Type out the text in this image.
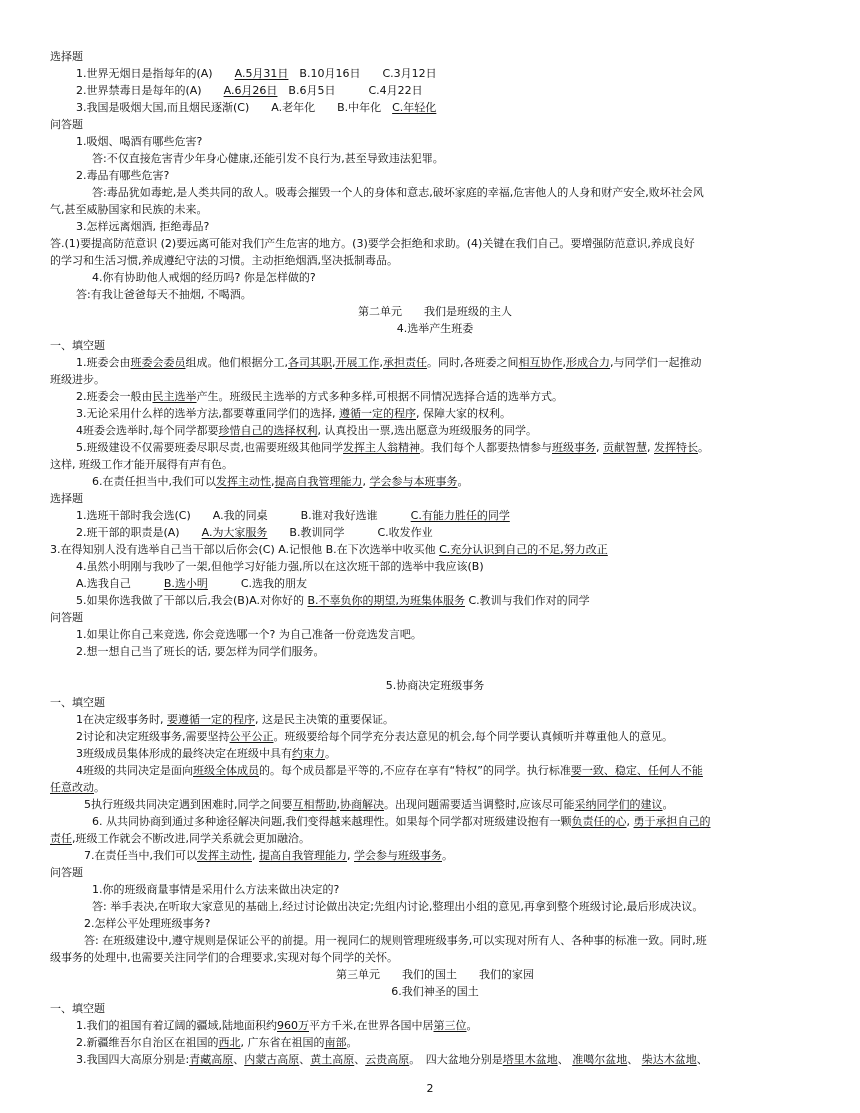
选择题
1.世界无烟日是指每年的(A)　　A.5月31日　B.10月16日　　C.3月12日
2.世界禁毒日是每年的(A)　　A.6月26日　B.6月5日　　　C.4月22日
3.我国是吸烟大国,而且烟民逐渐(C)　　A.老年化　　B.中年化　C.年轻化
问答题
1.吸烟、喝酒有哪些危害?
答:不仅直接危害青少年身心健康,还能引发不良行为,甚至导致违法犯罪。
2.毒品有哪些危害?
答:毒品犹如毒蛇,是人类共同的敌人。吸毒会摧毁一个人的身体和意志,破坏家庭的幸福,危害他人的人身和财产安全,败坏社会风
气,甚至威胁国家和民族的未来。
3.怎样远离烟酒, 拒绝毒品?
答.(1)要提高防范意识 (2)要远离可能对我们产生危害的地方。(3)要学会拒绝和求助。(4)关键在我们自己。要增强防范意识,养成良好
的学习和生活习惯,养成遵纪守法的习惯。主动拒绝烟酒,坚决抵制毒品。
4.你有协助他人戒烟的经历吗? 你是怎样做的?
答:有我让爸爸每天不抽烟, 不喝酒。
第二单元　　我们是班级的主人
4.选举产生班委
一、填空题
1.班委会由班委会委员组成。他们根据分工,各司其职,开展工作,承担责任。同时,各班委之间相互协作,形成合力,与同学们一起推动
班级进步。
2.班委会一般由民主选举产生。班级民主选举的方式多种多样,可根据不同情况选择合适的选举方式。
3.无论采用什么样的选举方法,都要尊重同学们的选择, 遵循一定的程序, 保障大家的权利。
4班委会选举时,每个同学都要珍惜自己的选择权利, 认真投出一票,选出愿意为班级服务的同学。
5.班级建设不仅需要班委尽职尽责,也需要班级其他同学发挥主人翁精神。我们每个人都要热情参与班级事务, 贡献智慧, 发挥特长。
这样, 班级工作才能开展得有声有色。
6.在责任担当中,我们可以发挥主动性,提高自我管理能力, 学会参与本班事务。
选择题
1.选班干部时我会选(C)　　A.我的同桌　　　B.谁对我好选谁　　　C.有能力胜任的同学
2.班干部的职责是(A)　　A.为大家服务　　B.教训同学　　　C.收发作业
3.在得知别人没有选举自己当干部以后你会(C) A.记恨他 B.在下次选举中收买他 C.充分认识到自己的不足,努力改正
4.虽然小明刚与我吵了一架,但他学习好能力强,所以在这次班干部的选举中我应该(B)
A.选我自己　　　B.选小明　　　C.选我的朋友
5.如果你选我做了干部以后,我会(B)A.对你好的 B.不辜负你的期望,为班集体服务 C.教训与我们作对的同学
问答题
1.如果让你自己来竞选, 你会竞选哪一个? 为自己准备一份竞选发言吧。
2.想一想自己当了班长的话, 要怎样为同学们服务。
5.协商决定班级事务
一、填空题
1在决定级事务时, 要遵循一定的程序, 这是民主决策的重要保证。
2讨论和决定班级事务,需要坚持公平公正。班级要给每个同学充分表达意见的机会,每个同学要认真倾听并尊重他人的意见。
3班级成员集体形成的最终决定在班级中具有约束力。
4班级的共同决定是面向班级全体成员的。每个成员都是平等的,不应存在享有“特权”的同学。执行标准要一致、稳定、任何人不能
任意改动。
5执行班级共同决定遇到困难时,同学之间要互相帮助,协商解决。出现问题需要适当调整时,应该尽可能采纳同学们的建议。
6. 从共同协商到通过多种途径解决问题,我们变得越来越理性。如果每个同学都对班级建设抱有一颗负责任的心, 勇于承担自己的
责任,班级工作就会不断改进,同学关系就会更加融洽。
7.在责任当中,我们可以发挥主动性, 提高自我管理能力, 学会参与班级事务。
问答题
1.你的班级商量事情是采用什么方法来做出决定的?
答: 举手表决,在听取大家意见的基础上,经过讨论做出决定;先组内讨论,整理出小组的意见,再拿到整个班级讨论,最后形成决议。
2.怎样公平处理班级事务?
答: 在班级建设中,遵守规则是保证公平的前提。用一视同仁的规则管理班级事务,可以实现对所有人、各种事的标准一致。同时,班
级事务的处理中,也需要关注同学们的合理要求,实现对每个同学的关怀。
第三单元　　我们的国土　　我们的家园
6.我们神圣的国土
一、填空题
1.我们的祖国有着辽阔的疆域,陆地面积约960万平方千米,在世界各国中居第三位。
2.新疆维吾尔自治区在祖国的西北, 广东省在祖国的南部。
3.我国四大高原分别是:青藏高原、内蒙古高原、黄土高原、云贵高原。　四大盆地分别是塔里木盆地、 准噶尔盆地、 柴达木盆地、
2
